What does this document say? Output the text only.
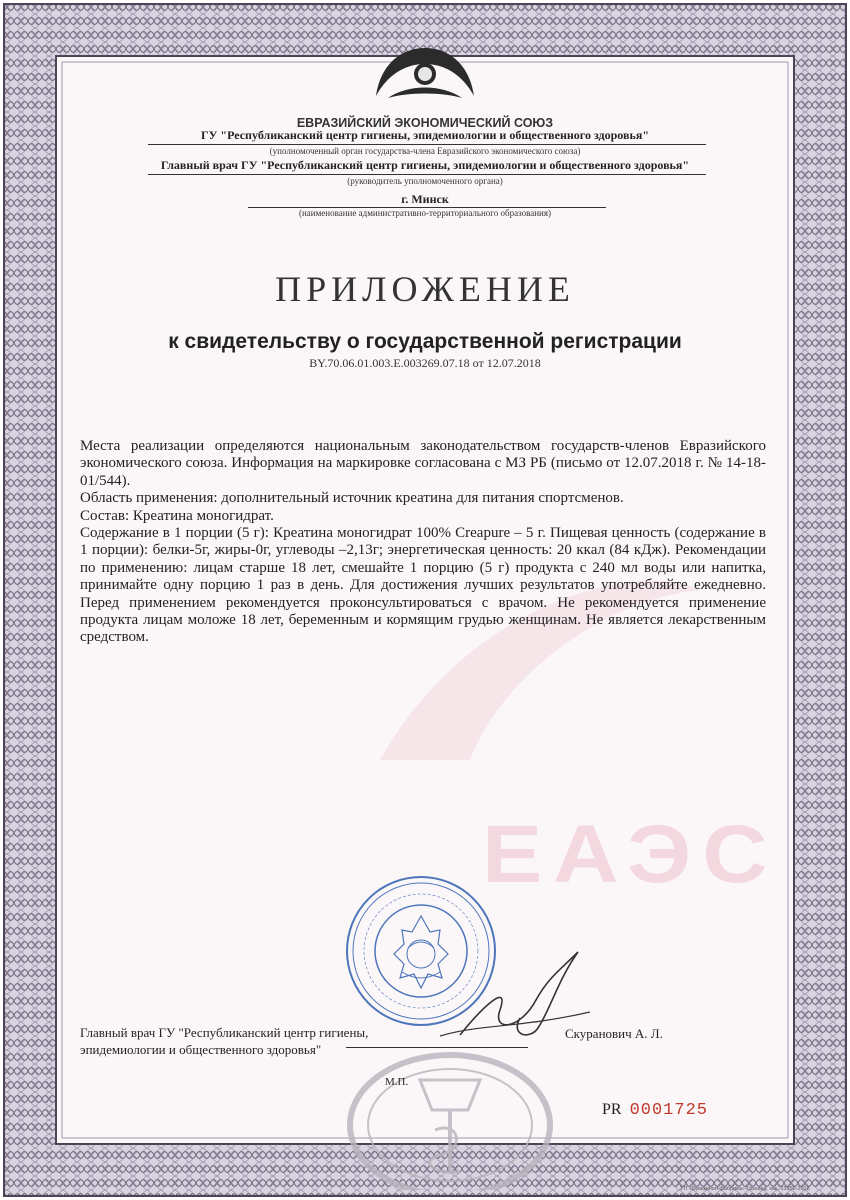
ЕАЭС
ЕВРАЗИЙСКИЙ ЭКОНОМИЧЕСКИЙ СОЮЗ
ГУ "Республиканский центр гигиены, эпидемиологии и общественного здоровья"
(уполномоченный орган государства-члена Евразийского экономического союза)
Главный врач ГУ "Республиканский центр гигиены, эпидемиологии и общественного здоровья"
(руководитель уполномоченного органа)
г. Минск
(наименование административно-территориального образования)
ПРИЛОЖЕНИЕ
к свидетельству о государственной регистрации
BY.70.06.01.003.E.003269.07.18 от 12.07.2018

Места реализации определяются национальным законодательством государств-членов Евразийского экономического союза. Информация на маркировке согласована с МЗ РБ (письмо от 12.07.2018 г. № 14-18-01/544).

Область применения: дополнительный источник креатина для питания спортсменов.

Состав: Креатина моногидрат.

Содержание в 1 порции (5 г): Креатина моногидрат 100% Creapure – 5 г. Пищевая ценность (содержание в 1 порции): белки-5г, жиры-0г, углеводы –2,13г; энергетическая ценность: 20 ккал (84 кДж). Рекомендации по применению: лицам старше 18 лет, смешайте 1 порцию (5 г) продукта с 240 мл воды или напитка, принимайте одну порцию 1 раз в день. Для достижения лучших результатов употребляйте ежедневно. Перед применением рекомендуется проконсультироваться с врачом. Не рекомендуется применение продукта лицам моложе 18 лет, беременным и кормящим грудью женщинам. Не является лекарственным средством.

Главный врач ГУ "Республиканский центр гигиены, эпидемиологии и общественного здоровья"
Скуранович А. Л.
М.П.
PR 0001725
УП «Бумажная фабрика» Гознака, зак. 33950-2018
